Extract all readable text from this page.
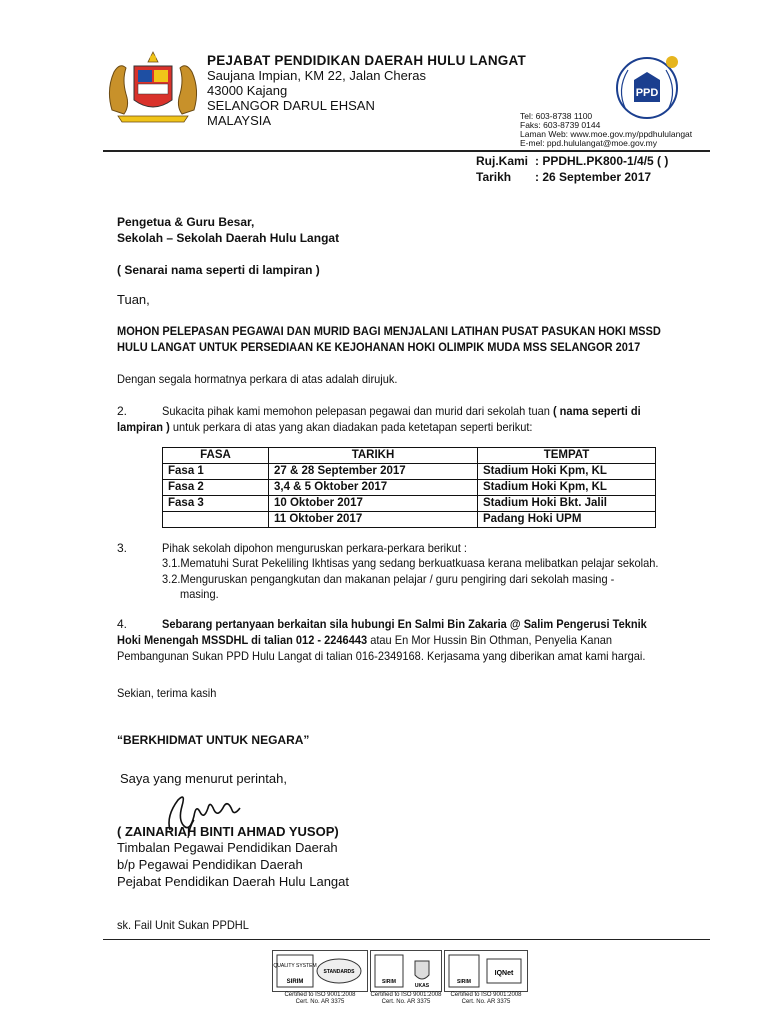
PEJABAT PENDIDIKAN DAERAH HULU LANGAT
Saujana Impian, KM 22, Jalan Cheras
43000 Kajang
SELANGOR DARUL EHSAN
MALAYSIA
PPD
Tel: 603-8738 1100
Faks: 603-8739 0144
Laman Web: www.moe.gov.my/ppdhululangat
E-mel: ppd.hululangat@moe.gov.my
Ruj.Kami : PPDHL.PK800-1/4/5 ( )
Tarikh : 26 September 2017
Pengetua & Guru Besar,
Sekolah – Sekolah Daerah Hulu Langat
( Senarai nama seperti di lampiran )
Tuan,
MOHON PELEPASAN PEGAWAI DAN MURID BAGI MENJALANI LATIHAN PUSAT PASUKAN HOKI MSSD
HULU LANGAT UNTUK PERSEDIAAN KE KEJOHANAN HOKI OLIMPIK MUDA MSS SELANGOR 2017
Dengan segala hormatnya perkara di atas adalah dirujuk.
2.	Sukacita pihak kami memohon pelepasan pegawai dan murid dari sekolah tuan ( nama seperti di
lampiran ) untuk perkara di atas yang akan diadakan pada ketetapan seperti berikut:
FASA	TARIKH	TEMPAT
Fasa 1	27 & 28 September 2017	Stadium Hoki Kpm, KL
Fasa 2	3,4 & 5 Oktober 2017	Stadium Hoki Kpm, KL
Fasa 3	10 Oktober 2017	Stadium Hoki Bkt. Jalil
	11 Oktober 2017	Padang Hoki UPM
3.	Pihak sekolah dipohon menguruskan perkara-perkara berikut :
3.1.Mematuhi Surat Pekeliling Ikhtisas yang sedang berkuatkuasa kerana melibatkan pelajar sekolah.
3.2.Menguruskan pengangkutan dan makanan pelajar / guru pengiring dari sekolah masing -
masing.
4.	Sebarang pertanyaan berkaitan sila hubungi En Salmi Bin Zakaria @ Salim Pengerusi Teknik
Hoki Menengah MSSDHL di talian 012 - 2246443 atau En Mor Hussin Bin Othman, Penyelia Kanan
Pembangunan Sukan PPD Hulu Langat di talian 016-2349168. Kerjasama yang diberikan amat kami hargai.
Sekian, terima kasih
“BERKHIDMAT UNTUK NEGARA”
Saya yang menurut perintah,
( ZAINARIAH BINTI AHMAD YUSOP)
Timbalan Pegawai Pendidikan Daerah
b/p Pegawai Pendidikan Daerah
Pejabat Pendidikan Daerah Hulu Langat
sk. Fail Unit Sukan PPDHL
QUALITY SYSTEM
SIRIM
STANDARDS
SIRIM
UKAS
SIRIM
IQNet
Certified to ISO 9001:2008
Cert. No. AR 3375
Certified to ISO 9001:2008
Cert. No. AR 3375
Certified to ISO 9001:2008
Cert. No. AR 3375
